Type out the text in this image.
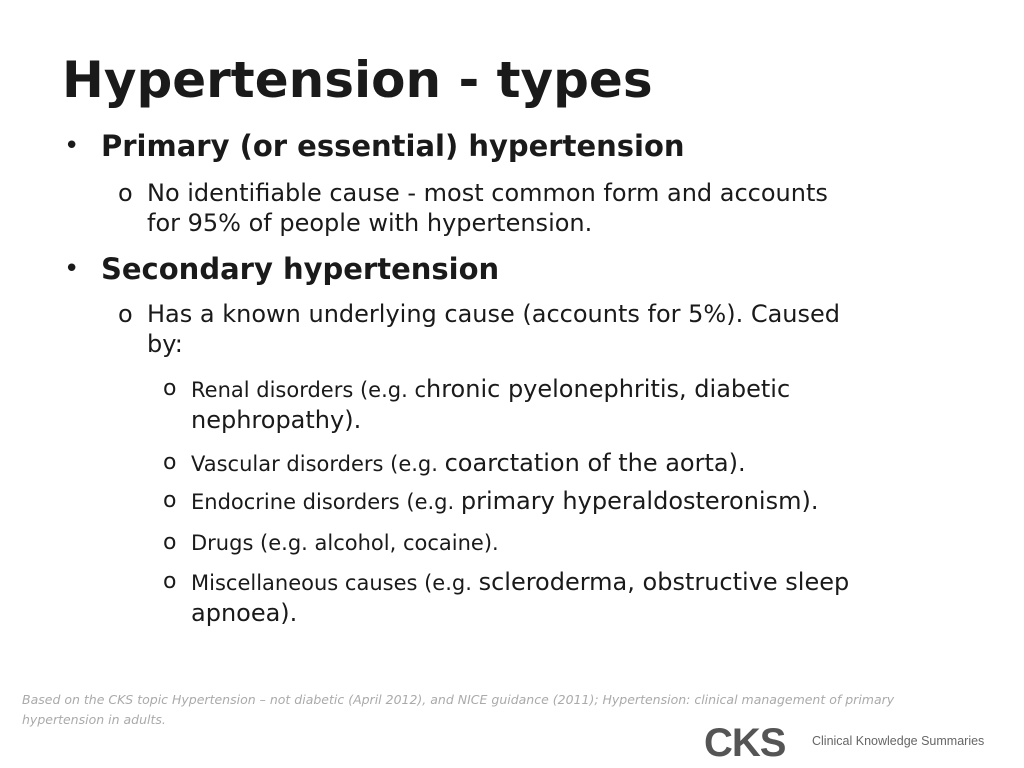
Hypertension - types
• Primary (or essential) hypertension
o No identifiable cause - most common form and accounts
for 95% of people with hypertension.
• Secondary hypertension
o Has a known underlying cause (accounts for 5%). Caused
by:
o Renal disorders (e.g. chronic pyelonephritis, diabetic
nephropathy).
o Vascular disorders (e.g. coarctation of the aorta).
o Endocrine disorders (e.g. primary hyperaldosteronism).
o Drugs (e.g. alcohol, cocaine).
o Miscellaneous causes (e.g. scleroderma, obstructive sleep
apnoea).
Based on the CKS topic Hypertension – not diabetic (April 2012), and NICE guidance (2011); Hypertension: clinical management of primary
hypertension in adults.
CKS Clinical Knowledge Summaries
